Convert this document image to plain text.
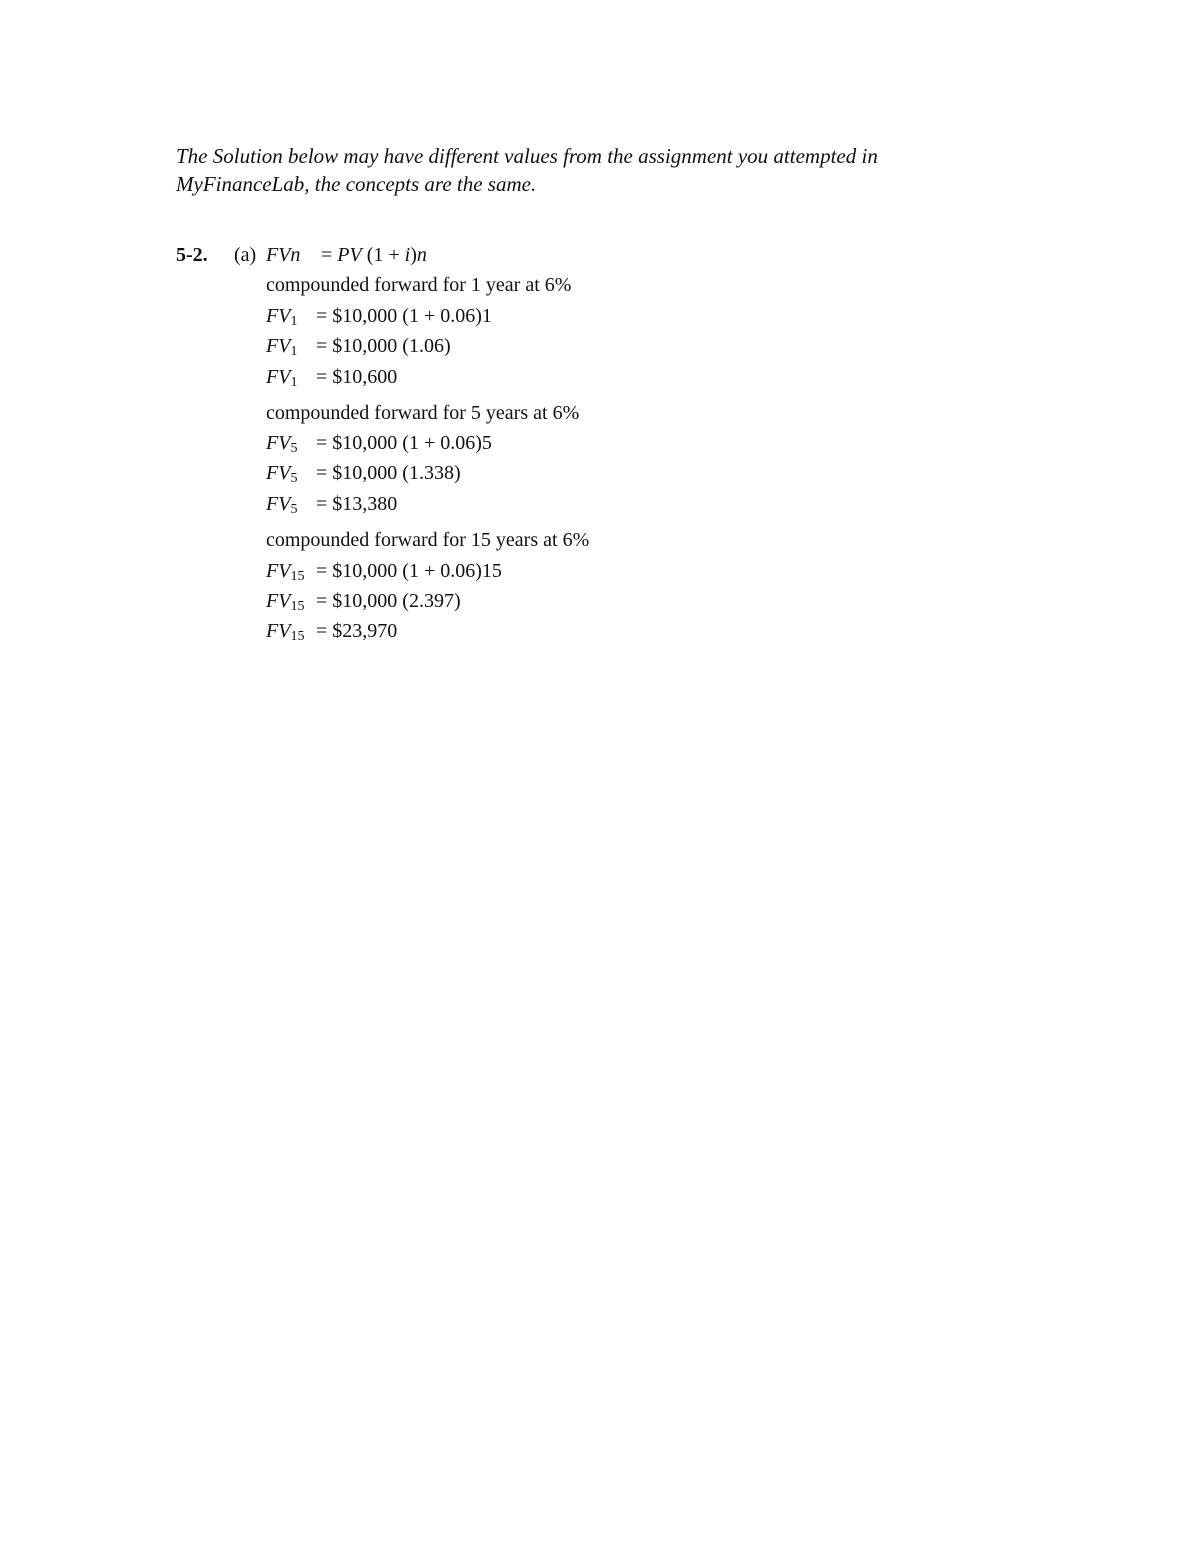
The Solution below may have different values from the assignment you attempted in
MyFinanceLab, the concepts are the same.
5-2. (a) FVn = PV (1 + i)n
compounded forward for 1 year at 6%
$FV_1$ = $10,000 (1 + 0.06)1
$FV_1$ = $10,000 (1.06)
$FV_1$ = $10,600
compounded forward for 5 years at 6%
$FV_5$ = $10,000 (1 + 0.06)5
$FV_5$ = $10,000 (1.338)
$FV_5$ = $13,380
compounded forward for 15 years at 6%
$FV_{15}$ = $10,000 (1 + 0.06)15
$FV_{15}$ = $10,000 (2.397)
$FV_{15}$ = $23,970
